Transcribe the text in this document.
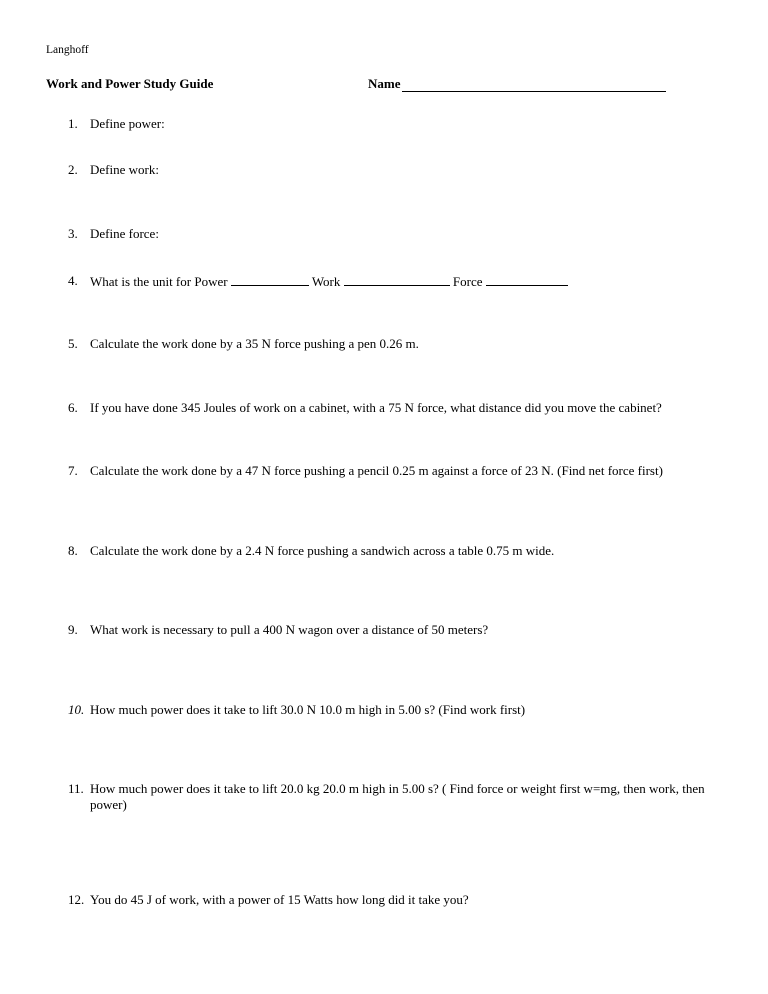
Langhoff
Work and Power Study Guide	Name
1. Define power:
2. Define work:
3. Define force:
4. What is the unit for Power	Work	Force
5. Calculate the work done by a 35 N force pushing a pen 0.26 m.
6. If you have done 345 Joules of work on a cabinet, with a 75 N force, what distance did you move the cabinet?
7. Calculate the work done by a 47 N force pushing a pencil 0.25 m against a force of 23 N. (Find net force first)
8. Calculate the work done by a 2.4 N force pushing a sandwich across a table 0.75 m wide.
9. What work is necessary to pull a 400 N wagon over a distance of 50 meters?
10. How much power does it take to lift 30.0 N 10.0 m high in 5.00 s? (Find work first)
11. How much power does it take to lift 20.0 kg 20.0 m high in 5.00 s? ( Find force or weight first w=mg, then work, then power)
12. You do 45 J of work, with a power of 15 Watts how long did it take you?
